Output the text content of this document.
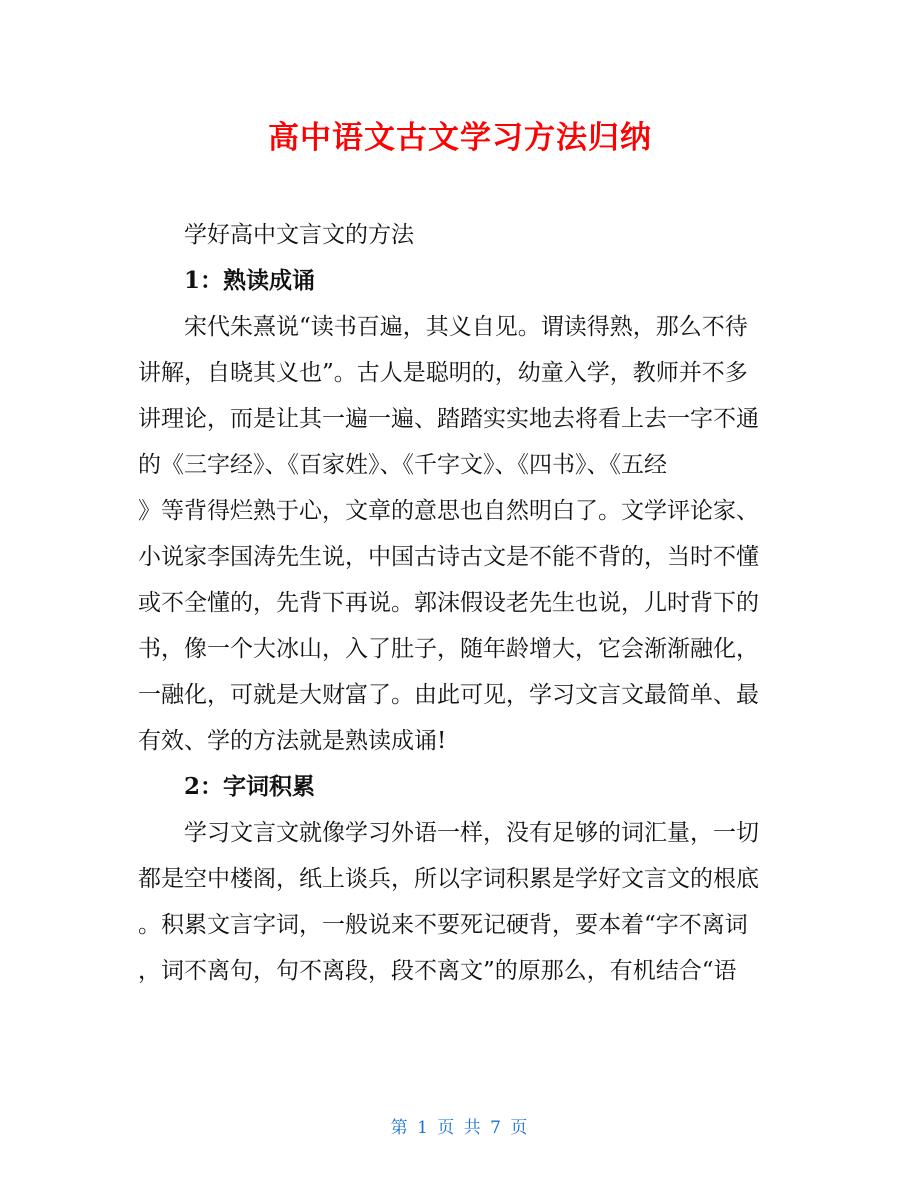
高中语文古文学习方法归纳
学好高中文言文的方法
1：熟读成诵
宋代朱熹说“读书百遍，其义自见。谓读得熟，那么不待
讲解，自晓其义也”。古人是聪明的，幼童入学，教师并不多
讲理论，而是让其一遍一遍、踏踏实实地去将看上去一字不通
的《三字经》、《百家姓》、《千字文》、《四书》、《五经
》等背得烂熟于心，文章的意思也自然明白了。文学评论家、
小说家李国涛先生说，中国古诗古文是不能不背的，当时不懂
或不全懂的，先背下再说。郭沫假设老先生也说，儿时背下的
书，像一个大冰山，入了肚子，随年龄增大，它会渐渐融化，
一融化，可就是大财富了。由此可见，学习文言文最简单、最
有效、学的方法就是熟读成诵!
2：字词积累
学习文言文就像学习外语一样，没有足够的词汇量，一切
都是空中楼阁，纸上谈兵，所以字词积累是学好文言文的根底
。积累文言字词，一般说来不要死记硬背，要本着“字不离词
，词不离句，句不离段，段不离文”的原那么，有机结合“语
第 1 页 共 7 页
